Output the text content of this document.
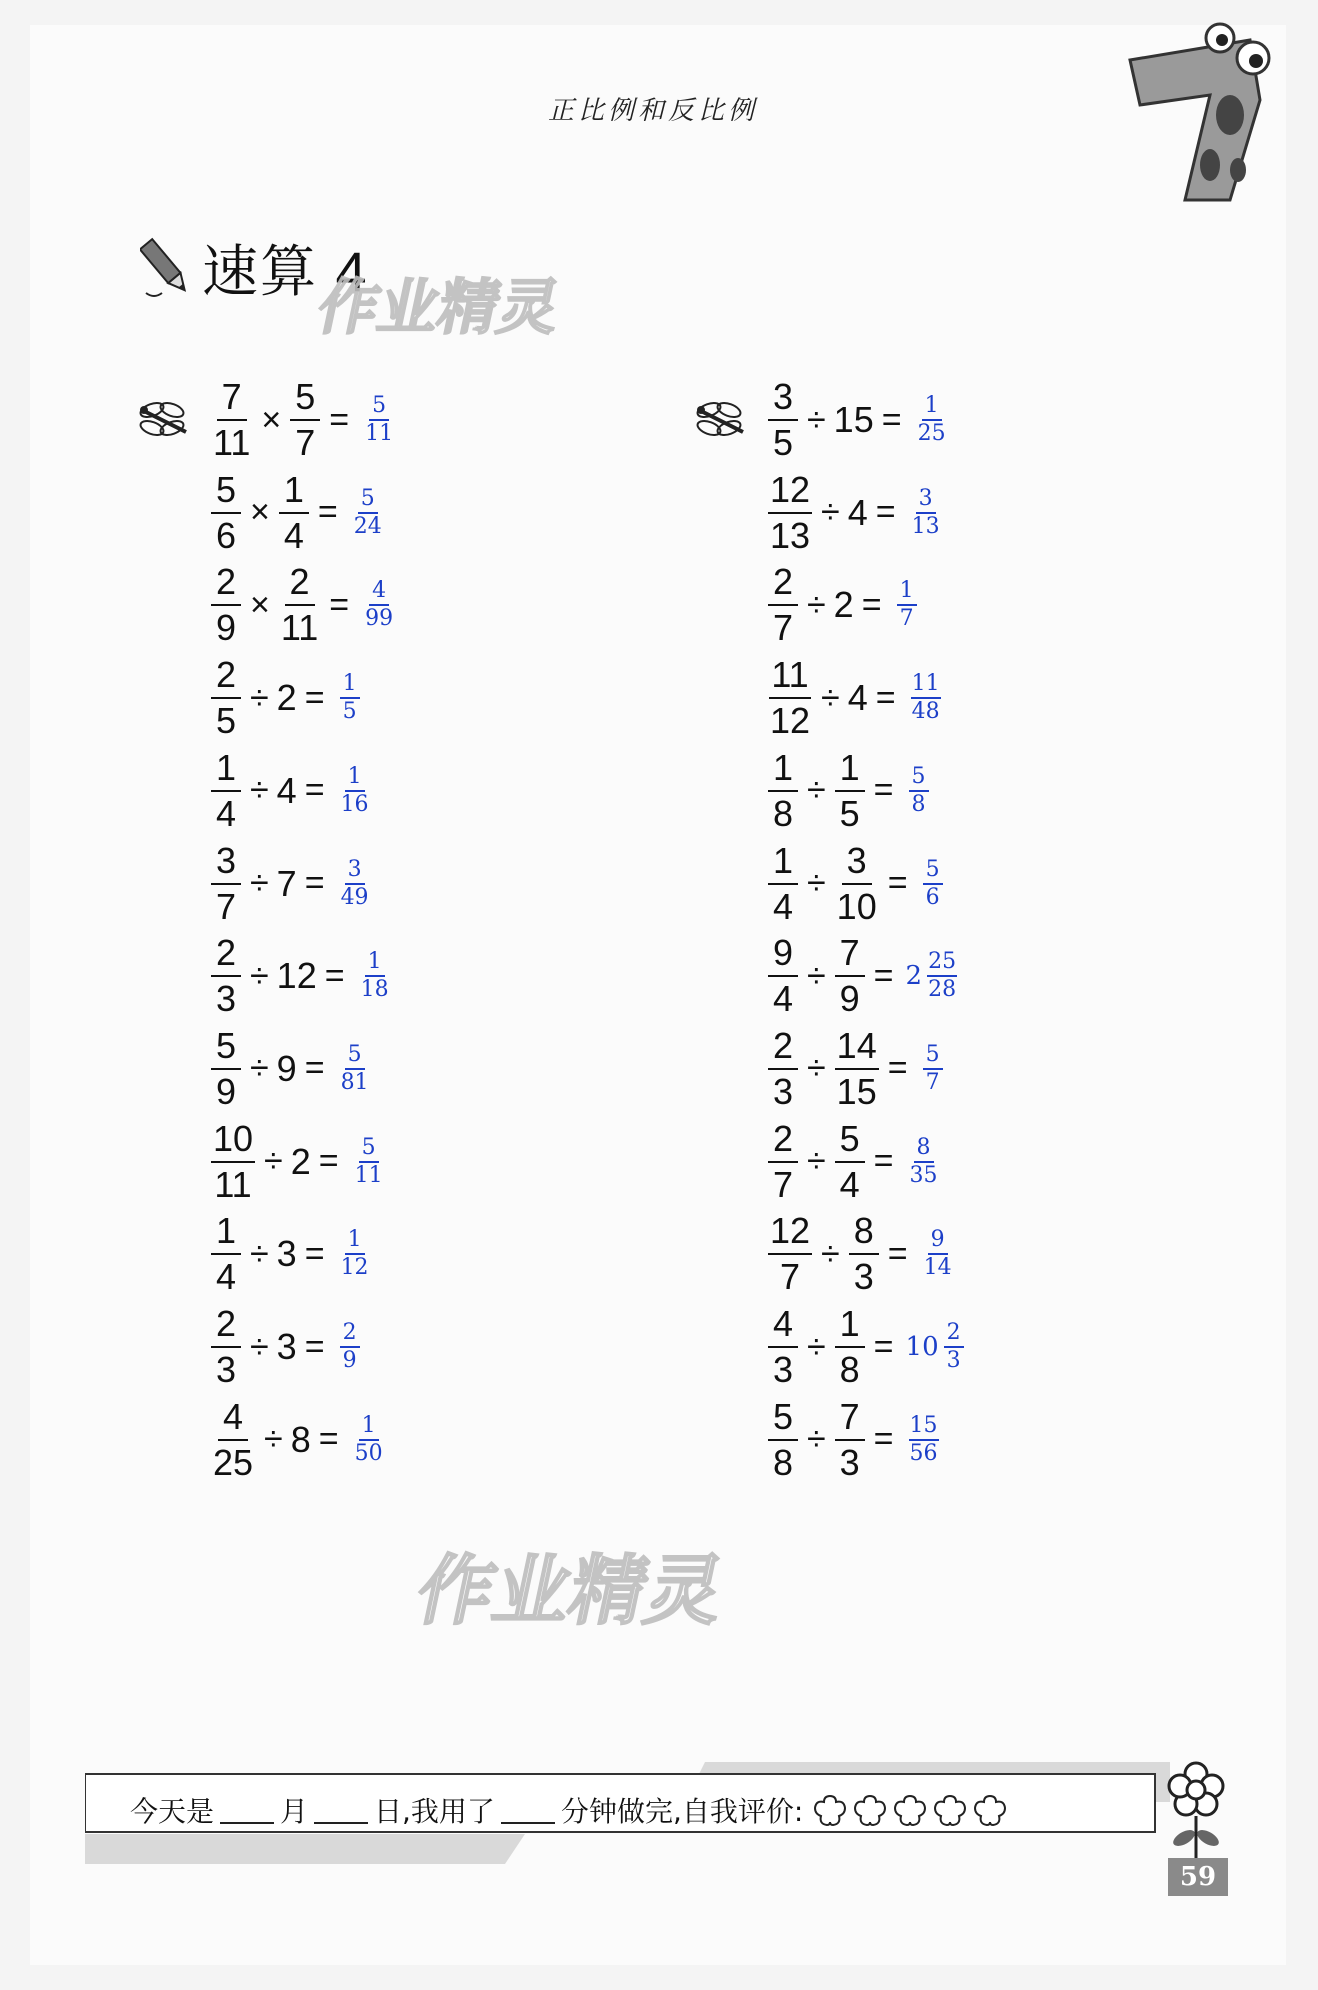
正比例和反比例
速算 4
作业精灵
作业精灵
$\frac{7}{11} \times \frac{5}{7} = \frac{5}{11}$
$\frac{5}{6} \times \frac{1}{4} = \frac{5}{24}$
$\frac{2}{9} \times \frac{2}{11} = \frac{4}{99}$
$\frac{2}{5} \div 2 = \frac{1}{5}$
$\frac{1}{4} \div 4 = \frac{1}{16}$
$\frac{3}{7} \div 7 = \frac{3}{49}$
$\frac{2}{3} \div 12 = \frac{1}{18}$
$\frac{5}{9} \div 9 = \frac{5}{81}$
$\frac{10}{11} \div 2 = \frac{5}{11}$
$\frac{1}{4} \div 3 = \frac{1}{12}$
$\frac{2}{3} \div 3 = \frac{2}{9}$
$\frac{4}{25} \div 8 = \frac{1}{50}$
$\frac{3}{5} \div 15 = \frac{1}{25}$
$\frac{12}{13} \div 4 = \frac{3}{13}$
$\frac{2}{7} \div 2 = \frac{1}{7}$
$\frac{11}{12} \div 4 = \frac{11}{48}$
$\frac{1}{8} \div \frac{1}{5} = \frac{5}{8}$
$\frac{1}{4} \div \frac{3}{10} = \frac{5}{6}$
$\frac{9}{4} \div \frac{7}{9} = 2 \frac{25}{28}$
$\frac{2}{3} \div \frac{14}{15} = \frac{5}{7}$
$\frac{2}{7} \div \frac{5}{4} = \frac{8}{35}$
$\frac{12}{7} \div \frac{8}{3} = \frac{9}{14}$
$\frac{4}{3} \div \frac{1}{8} = 10 \frac{2}{3}$
$\frac{5}{8} \div \frac{7}{3} = \frac{15}{56}$
今天是 月 日,我用了 分钟做完,自我评价:
59
